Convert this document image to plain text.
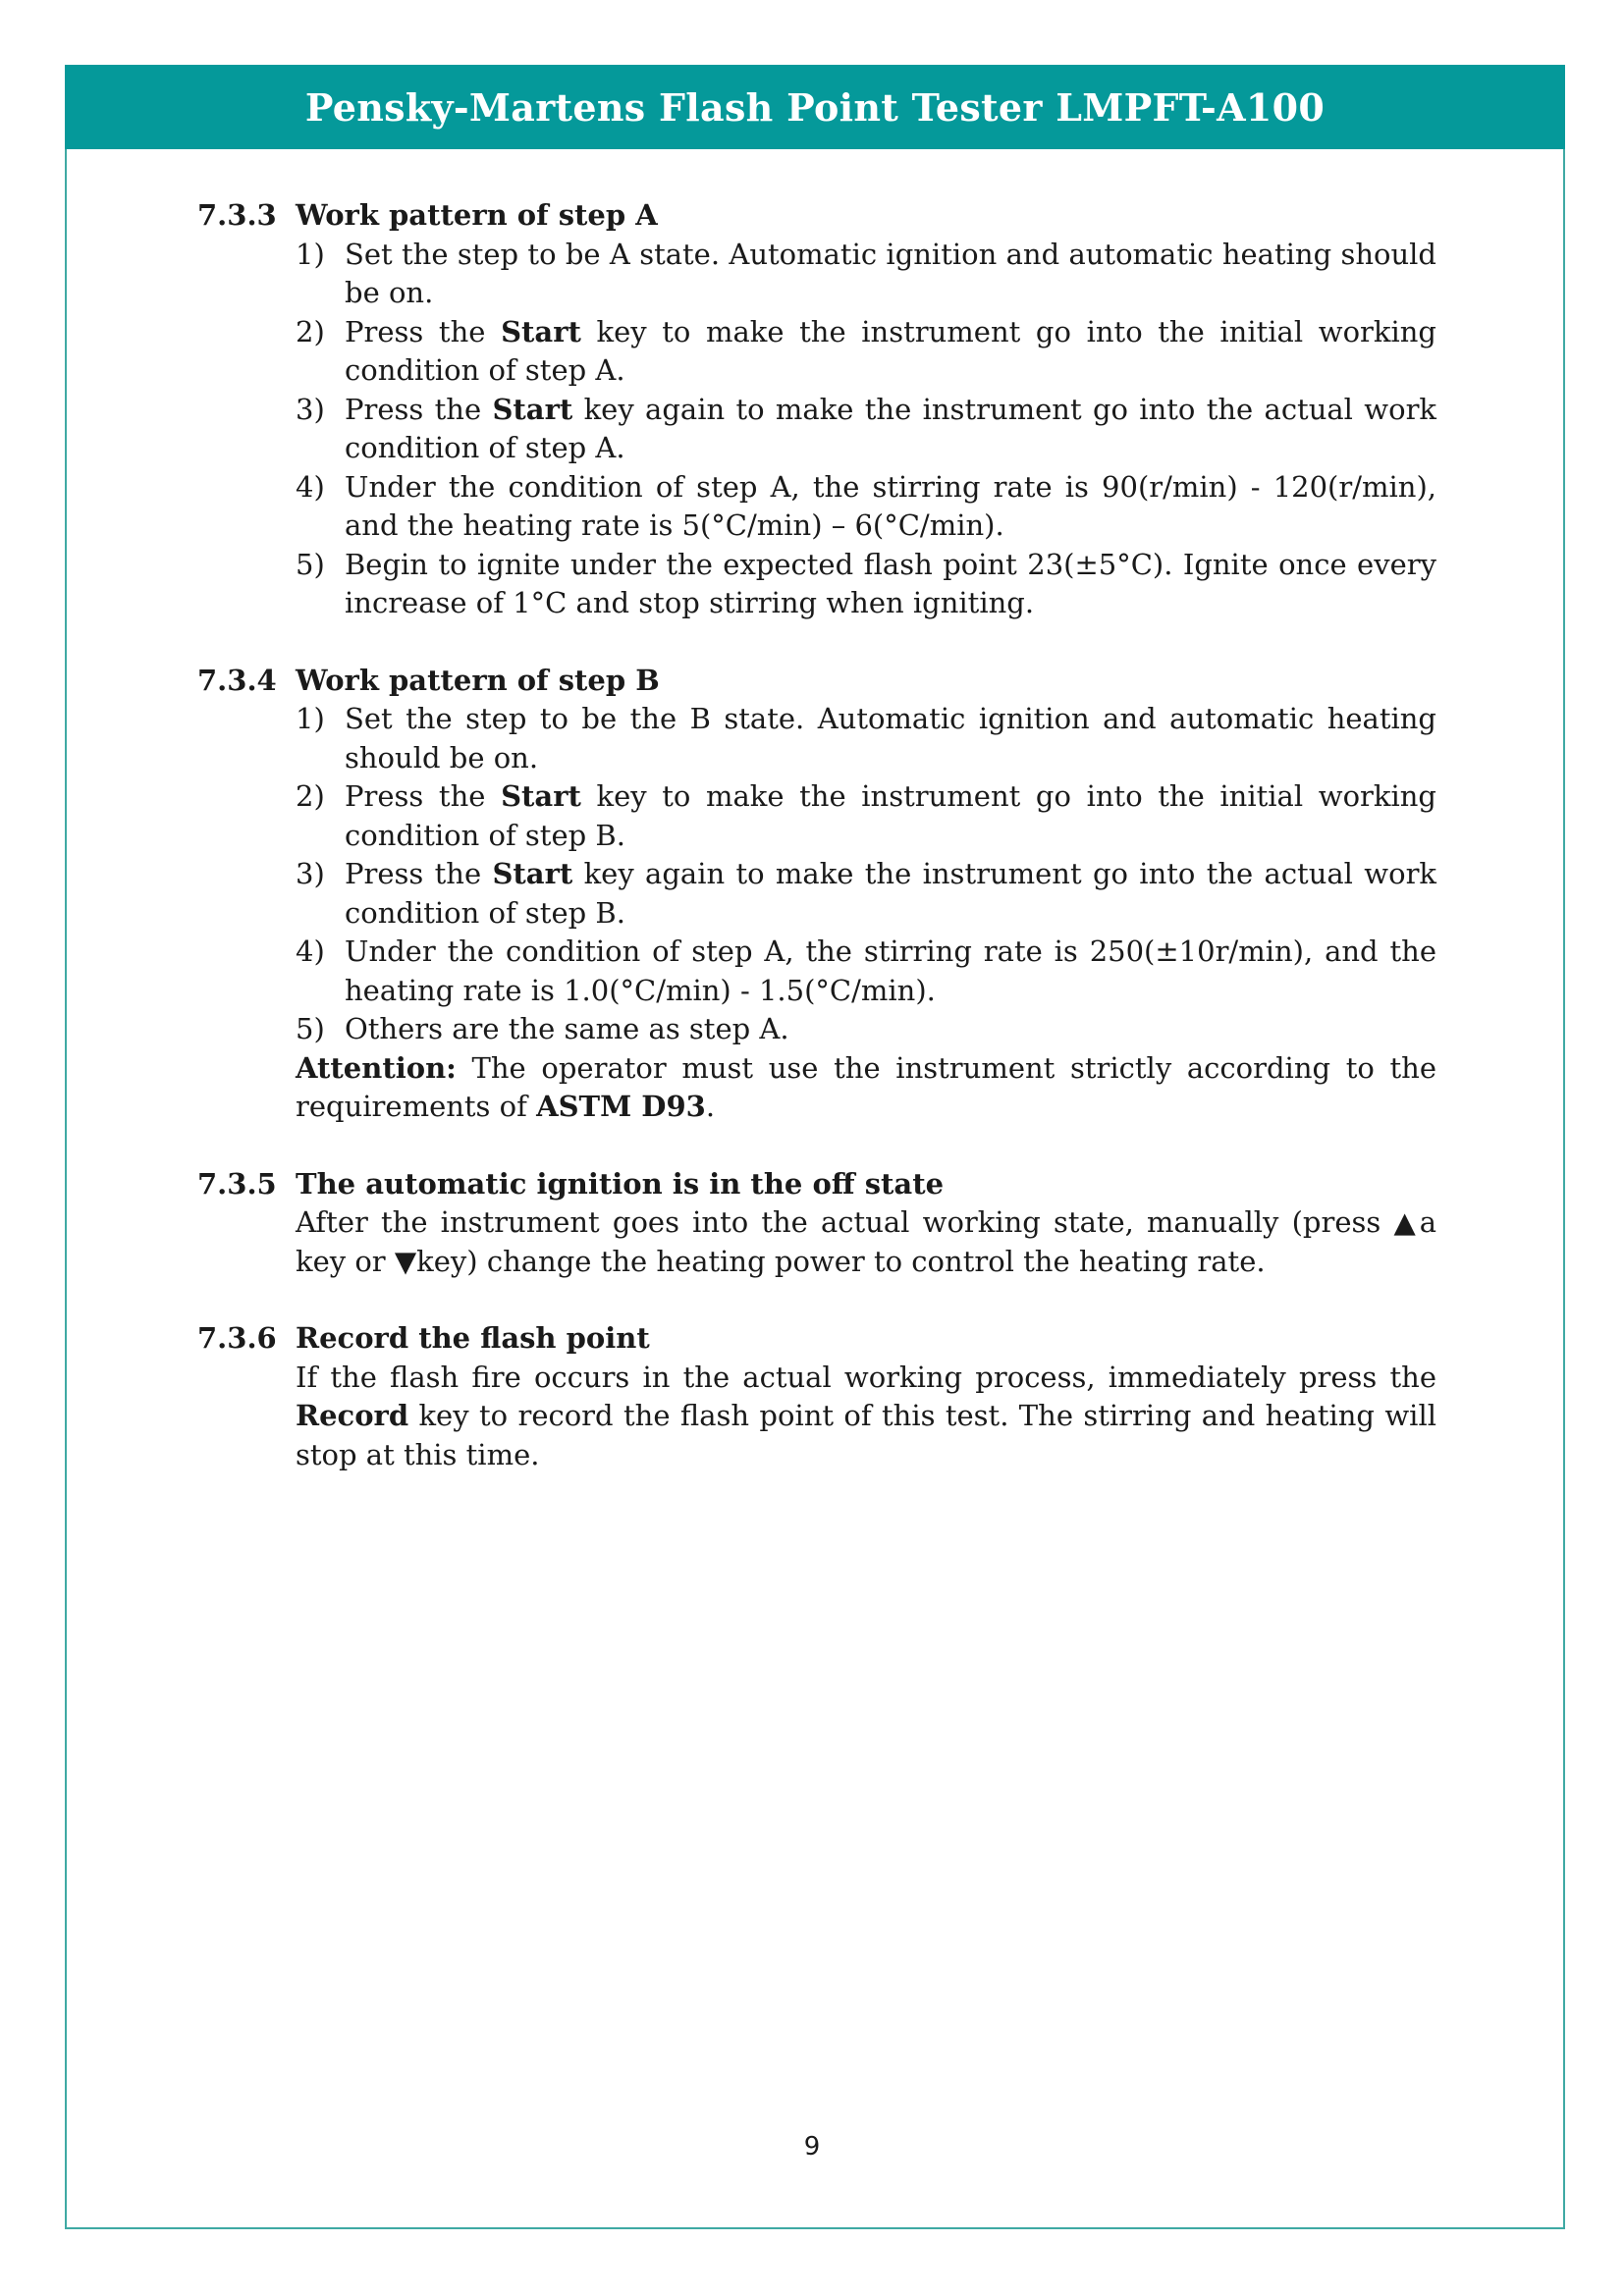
Pensky-Martens Flash Point Tester LMPFT-A100
7.3.3 Work pattern of step A
1) Set the step to be A state. Automatic ignition and automatic heating should be on.
2) Press the Start key to make the instrument go into the initial working condition of step A.
3) Press the Start key again to make the instrument go into the actual work condition of step A.
4) Under the condition of step A, the stirring rate is 90(r/min) - 120(r/min), and the heating rate is 5(°C/min) – 6(°C/min).
5) Begin to ignite under the expected flash point 23(±5°C). Ignite once every increase of 1°C and stop stirring when igniting.
7.3.4 Work pattern of step B
1) Set the step to be the B state. Automatic ignition and automatic heating should be on.
2) Press the Start key to make the instrument go into the initial working condition of step B.
3) Press the Start key again to make the instrument go into the actual work condition of step B.
4) Under the condition of step A, the stirring rate is 250(±10r/min), and the heating rate is 1.0(°C/min) - 1.5(°C/min).
5) Others are the same as step A.
Attention: The operator must use the instrument strictly according to the requirements of ASTM D93.
7.3.5 The automatic ignition is in the off state
After the instrument goes into the actual working state, manually (press ▲a key or ▼key) change the heating power to control the heating rate.
7.3.6 Record the flash point
If the flash fire occurs in the actual working process, immediately press the Record key to record the flash point of this test. The stirring and heating will stop at this time.
9
